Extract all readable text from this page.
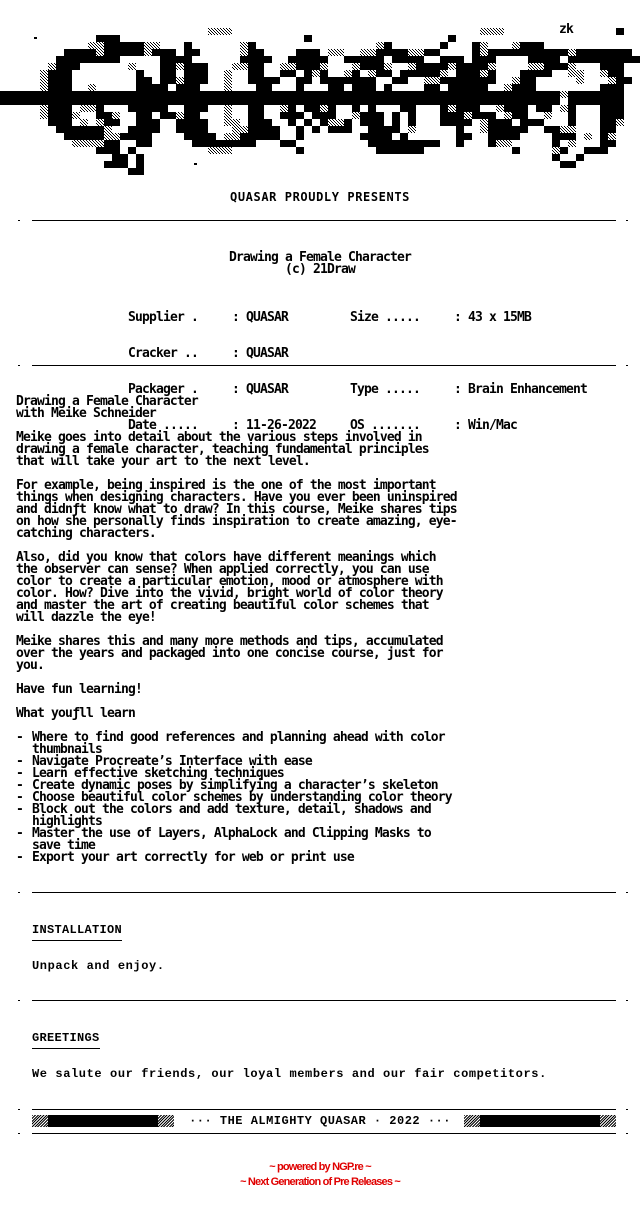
zk
QUASAR PROUDLY PRESENTS
Drawing a Female Character
(c) 21Draw

Supplier .	: QUASAR	Size .....	: 43 x 15MB

Cracker ..	: QUASAR

Packager .	: QUASAR	Type .....	: Brain Enhancement

Date .....	: 11-26-2022	OS .......	: Win/Mac

Drawing a Female Character
with Meike Schneider
Meike goes into detail about the various steps involved in
drawing a female character, teaching fundamental principles
that will take your art to the next level.
For example, being inspired is the one of the most important
things when designing characters. Have you ever been uninspired
and didnƒt know what to draw? In this course, Meike shares tips
on how she personally finds inspiration to create amazing, eye-
catching characters.
Also, did you know that colors have different meanings which
the observer can sense? When applied correctly, you can use
color to create a particular emotion, mood or atmosphere with
color. How? Dive into the vivid, bright world of color theory
and master the art of creating beautiful color schemes that
will dazzle the eye!
Meike shares this and many more methods and tips, accumulated
over the years and packaged into one concise course, just for
you.
Have fun learning!
What youƒll learn
- Where to find good references and planning ahead with color
thumbnails
- Navigate Procreate’s Interface with ease
- Learn effective sketching techniques
- Create dynamic poses by simplifying a character’s skeleton
- Choose beautiful color schemes by understanding color theory
- Block out the colors and add texture, detail, shadows and
highlights
- Master the use of Layers, AlphaLock and Clipping Masks to
save time
- Export your art correctly for web or print use
INSTALLATION
Unpack and enjoy.
GREETINGS
We salute our friends, our loyal members and our fair competitors.
··· THE ALMIGHTY QUASAR · 2022 ···
~ powered by NGP.re ~
~ Next Generation of Pre Releases ~
